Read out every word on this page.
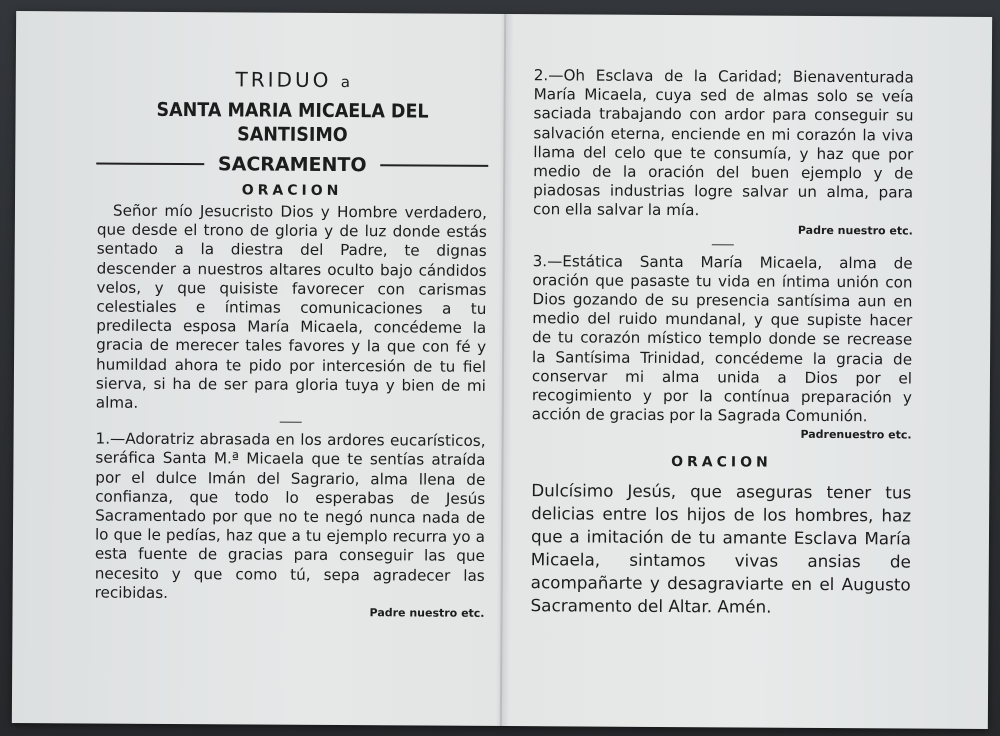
TRIDUO a

SANTA MARIA MICAELA DEL SANTISIMO

SACRAMENTO
ORACION

Señor mío Jesucristo Dios y Hombre verdadero, que desde el trono de gloria y de luz donde estás sentado a la diestra del Padre, te dignas descender a nuestros altares oculto bajo cándidos velos, y que quisiste favorecer con carismas celestiales e íntimas comunicaciones a tu predilecta esposa María Micaela, concédeme la gracia de merecer tales favores y la que con fé y humildad ahora te pido por intercesión de tu fiel sierva, si ha de ser para gloria tuya y bien de mi alma.

1.—Adoratriz abrasada en los ardores eucarísticos, seráfica Santa M.ª Micaela que te sentías atraída por el dulce Imán del Sagrario, alma llena de confianza, que todo lo esperabas de Jesús Sacramentado por que no te negó nunca nada de lo que le pedías, haz que a tu ejemplo recurra yo a esta fuente de gracias para conseguir las que necesito y que como tú, sepa agradecer las recibidas.

Padre nuestro etc.

2.—Oh Esclava de la Caridad; Bienaventurada María Micaela, cuya sed de almas solo se veía saciada trabajando con ardor para conseguir su salvación eterna, enciende en mi corazón la viva llama del celo que te consumía, y haz que por medio de la oración del buen ejemplo y de piadosas industrias logre salvar un alma, para con ella salvar la mía.

Padre nuestro etc.

3.—Estática Santa María Micaela, alma de oración que pasaste tu vida en íntima unión con Dios gozando de su presencia santísima aun en medio del ruido mundanal, y que supiste hacer de tu corazón místico templo donde se recrease la Santísima Trinidad, concédeme la gracia de conservar mi alma unida a Dios por el recogimiento y por la contínua preparación y acción de gracias por la Sagrada Comunión.

Padrenuestro etc.

ORACION

Dulcísimo Jesús, que aseguras tener tus delicias entre los hijos de los hombres, haz que a imitación de tu amante Esclava María Micaela, sintamos vivas ansias de acompañarte y desagraviarte en el Augusto Sacramento del Altar. Amén.
